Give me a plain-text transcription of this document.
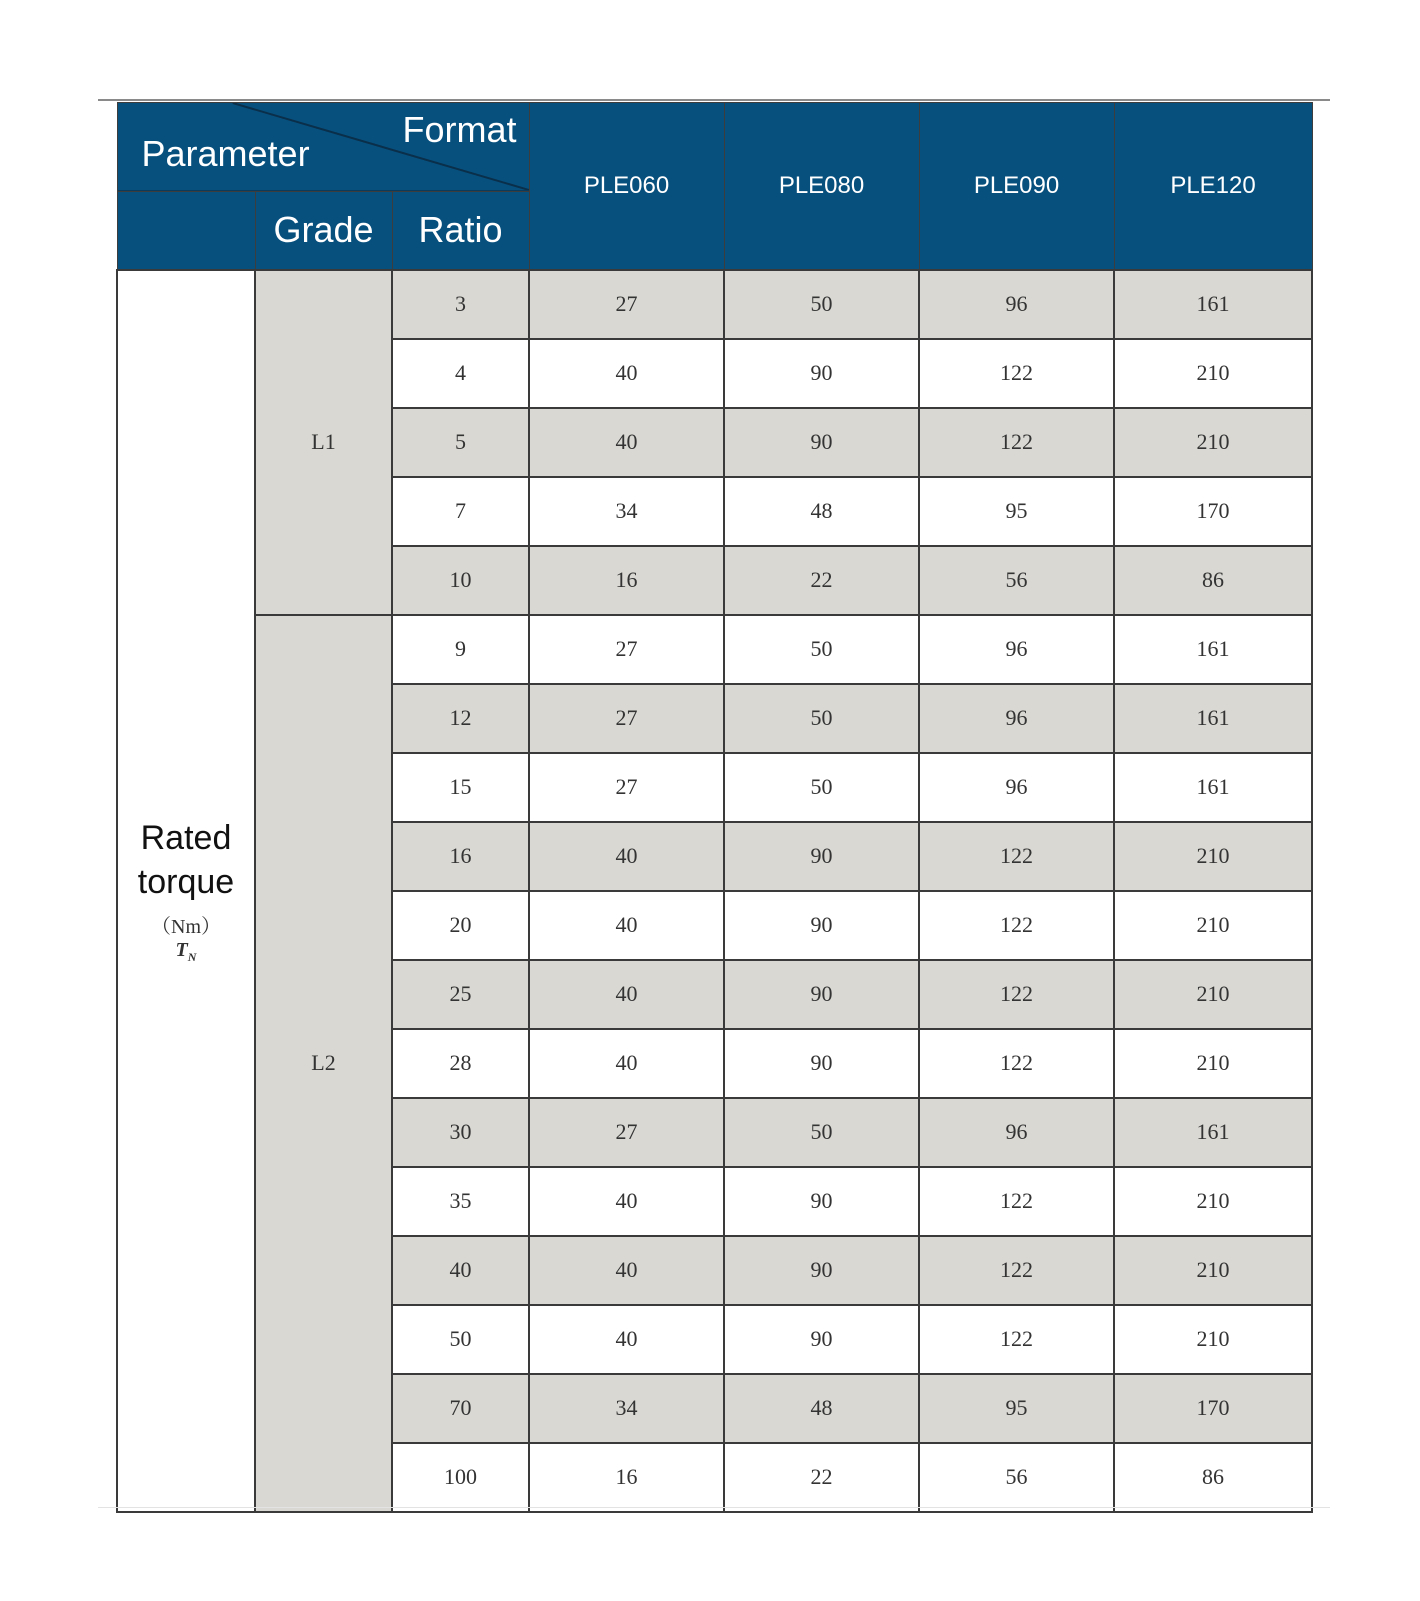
Parameter
Format			PLE060	PLE080	PLE090	PLE120
	Grade	Ratio				

Rated
torque
（Nm）
$T_N$	L1	3	27	50	96	161
		4	40	90	122	210
		5	40	90	122	210
		7	34	48	95	170
		10	16	22	56	86
	L2	9	27	50	96	161
		12	27	50	96	161
		15	27	50	96	161
		16	40	90	122	210
		20	40	90	122	210
		25	40	90	122	210
		28	40	90	122	210
		30	27	50	96	161
		35	40	90	122	210
		40	40	90	122	210
		50	40	90	122	210
		70	34	48	95	170
		100	16	22	56	86
